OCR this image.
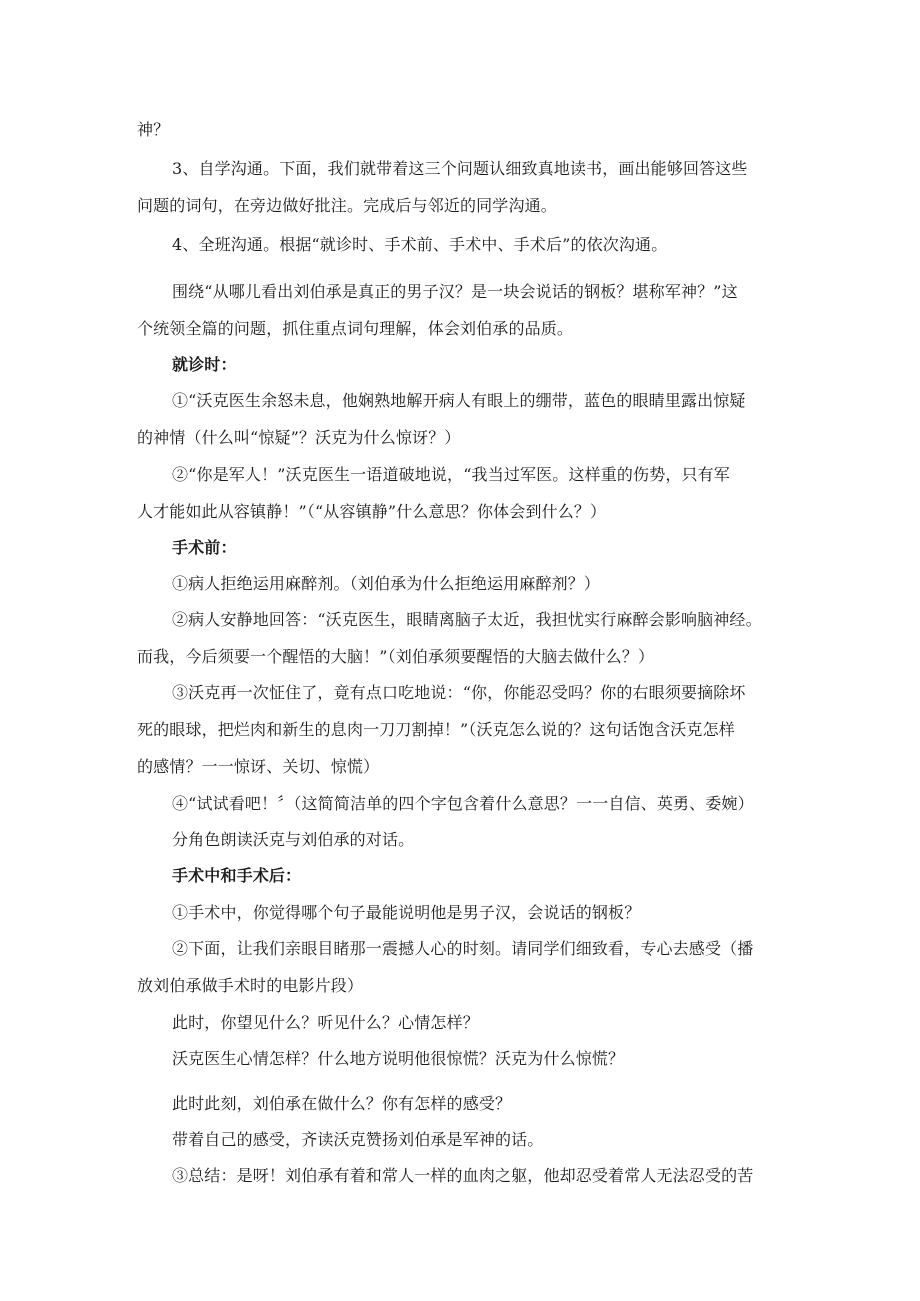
神？
3、自学沟通。下面，我们就带着这三个问题认细致真地读书，画出能够回答这些
问题的词句，在旁边做好批注。完成后与邻近的同学沟通。
4、全班沟通。根据“就诊时、手术前、手术中、手术后”的依次沟通。
围绕“从哪儿看出刘伯承是真正的男子汉？是一块会说话的钢板？堪称军神？”这
个统领全篇的问题，抓住重点词句理解，体会刘伯承的品质。
就诊时：
①“沃克医生余怒未息，他娴熟地解开病人有眼上的绷带，蓝色的眼睛里露出惊疑
的神情（什么叫“惊疑”？沃克为什么惊讶？）
②“你是军人！”沃克医生一语道破地说，“我当过军医。这样重的伤势，只有军
人才能如此从容镇静！”（“从容镇静”什么意思？你体会到什么？）
手术前：
①病人拒绝运用麻醉剂。（刘伯承为什么拒绝运用麻醉剂？）
②病人安静地回答：“沃克医生，眼睛离脑子太近，我担忧实行麻醉会影响脑神经。
而我，今后须要一个醒悟的大脑！”（刘伯承须要醒悟的大脑去做什么？）
③沃克再一次怔住了，竟有点口吃地说：“你，你能忍受吗？你的右眼须要摘除坏
死的眼球，把烂肉和新生的息肉一刀刀割掉！”（沃克怎么说的？这句话饱含沃克怎样
的感情？一一惊讶、关切、惊慌）
④“试试看吧！〞（这简简洁单的四个字包含着什么意思？一一自信、英勇、委婉）
分角色朗读沃克与刘伯承的对话。
手术中和手术后：
①手术中，你觉得哪个句子最能说明他是男子汉，会说话的钢板？
②下面，让我们亲眼目睹那一震撼人心的时刻。请同学们细致看，专心去感受（播
放刘伯承做手术时的电影片段）
此时，你望见什么？听见什么？心情怎样？
沃克医生心情怎样？什么地方说明他很惊慌？沃克为什么惊慌？
此时此刻，刘伯承在做什么？你有怎样的感受？
带着自己的感受，齐读沃克赞扬刘伯承是军神的话。
③总结：是呀！刘伯承有着和常人一样的血肉之躯，他却忍受着常人无法忍受的苦
